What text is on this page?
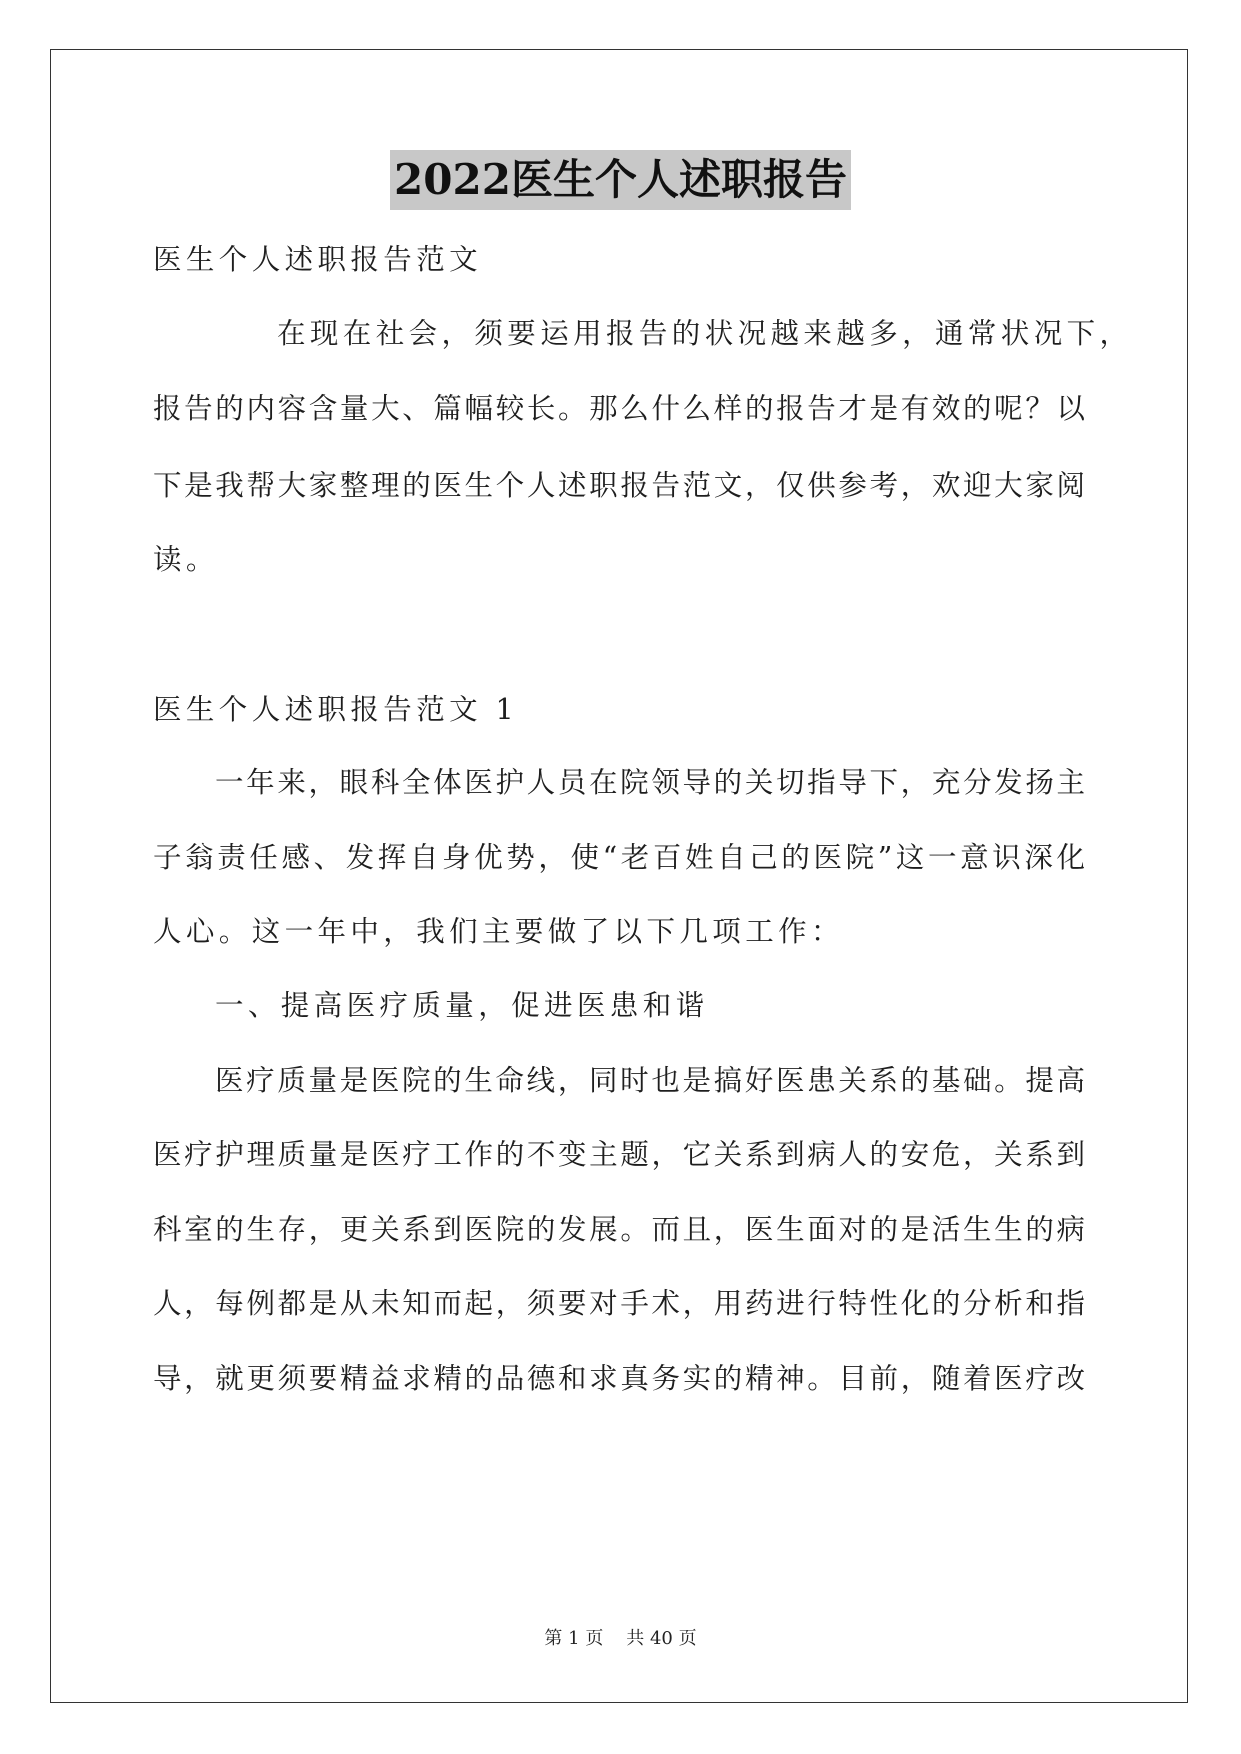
2022医生个人述职报告
医生个人述职报告范文
在现在社会，须要运用报告的状况越来越多，通常状况下，
报告的内容含量大、篇幅较长。那么什么样的报告才是有效的呢？以
下是我帮大家整理的医生个人述职报告范文，仅供参考，欢迎大家阅
读。
医生个人述职报告范文 1
一年来，眼科全体医护人员在院领导的关切指导下，充分发扬主
子翁责任感、发挥自身优势，使“老百姓自己的医院”这一意识深化
人心。这一年中，我们主要做了以下几项工作：
一、提高医疗质量，促进医患和谐
医疗质量是医院的生命线，同时也是搞好医患关系的基础。提高
医疗护理质量是医疗工作的不变主题，它关系到病人的安危，关系到
科室的生存，更关系到医院的发展。而且，医生面对的是活生生的病
人，每例都是从未知而起，须要对手术，用药进行特性化的分析和指
导，就更须要精益求精的品德和求真务实的精神。目前，随着医疗改
第 1 页 共 40 页
